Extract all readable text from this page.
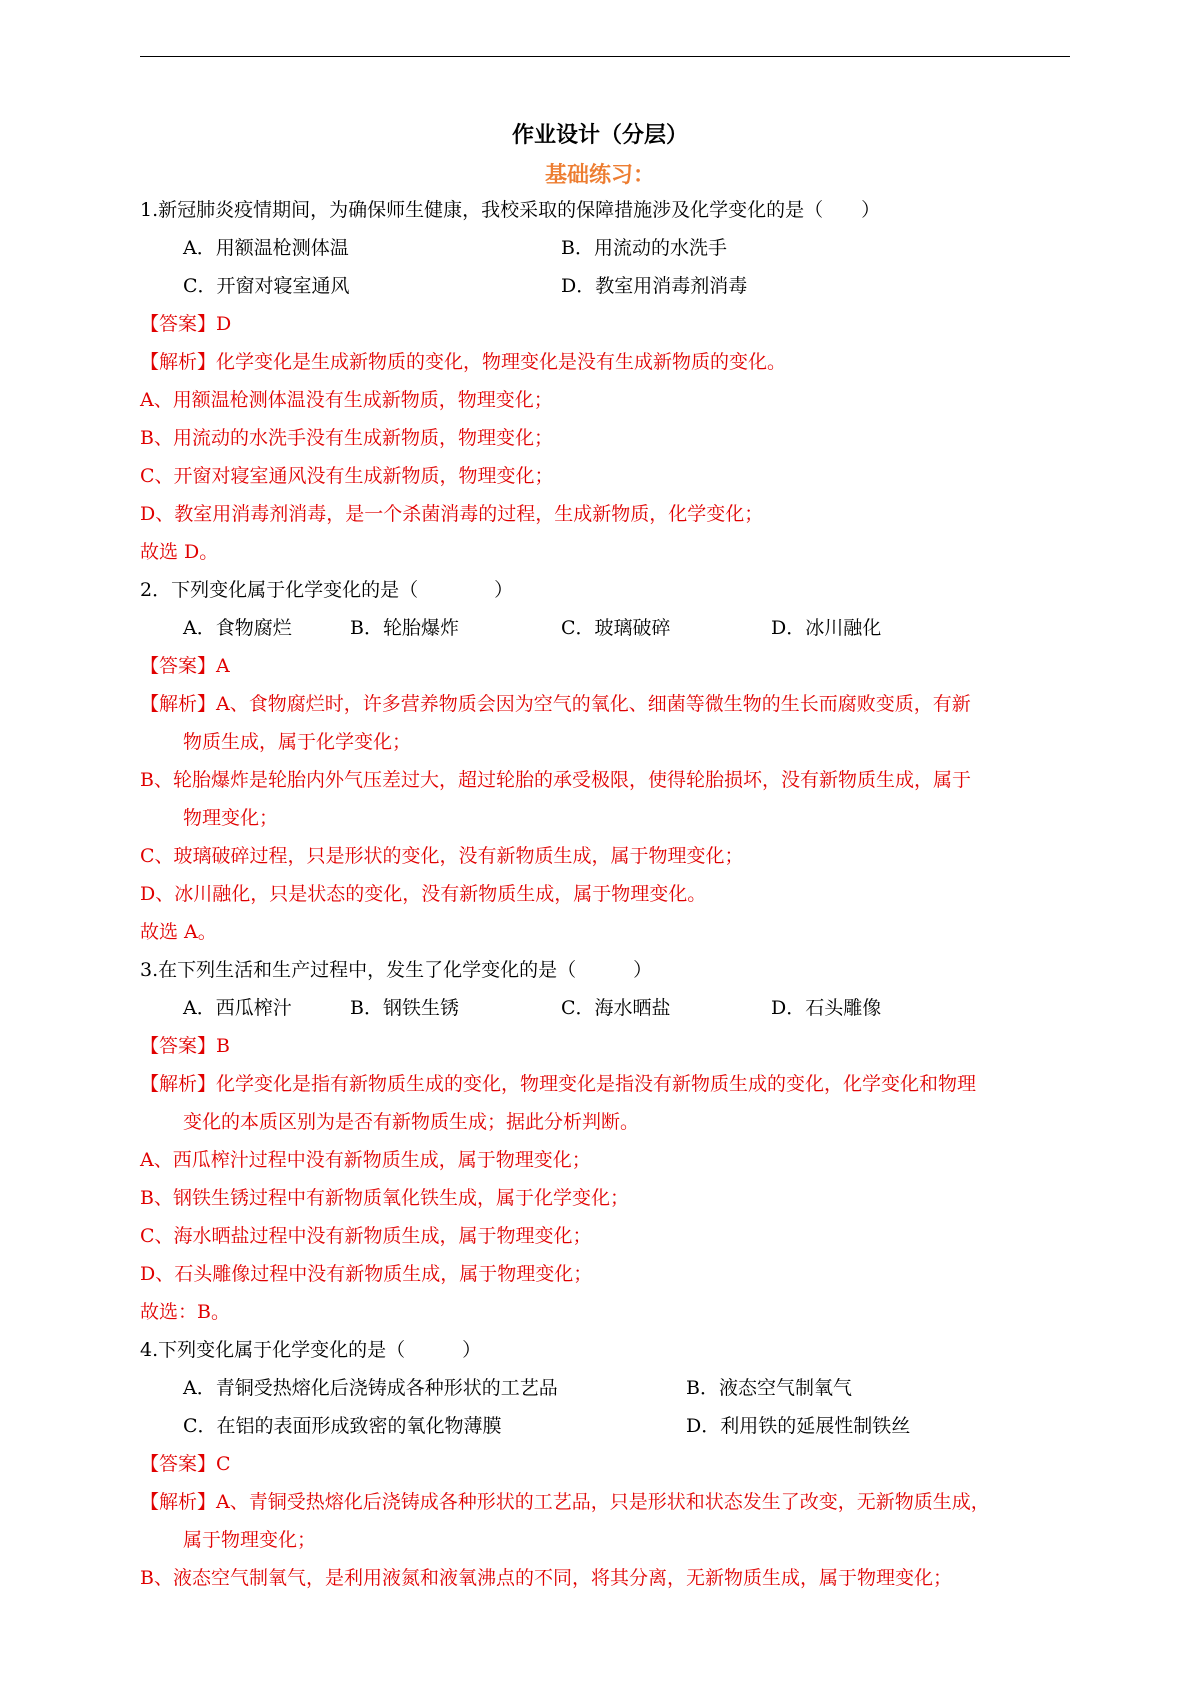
作业设计（分层）
基础练习：
1.新冠肺炎疫情期间，为确保师生健康，我校采取的保障措施涉及化学变化的是（　　）
A．用额温枪测体温	B．用流动的水洗手
C．开窗对寝室通风	D．教室用消毒剂消毒
【答案】D
【解析】化学变化是生成新物质的变化，物理变化是没有生成新物质的变化。
A、用额温枪测体温没有生成新物质，物理变化；
B、用流动的水洗手没有生成新物质，物理变化；
C、开窗对寝室通风没有生成新物质，物理变化；
D、教室用消毒剂消毒，是一个杀菌消毒的过程，生成新物质，化学变化；
故选 D。
2．下列变化属于化学变化的是（　　　　）
A．食物腐烂	B．轮胎爆炸	C．玻璃破碎	D．冰川融化
【答案】A
【解析】A、食物腐烂时，许多营养物质会因为空气的氧化、细菌等微生物的生长而腐败变质，有新
物质生成，属于化学变化；
B、轮胎爆炸是轮胎内外气压差过大，超过轮胎的承受极限，使得轮胎损坏，没有新物质生成，属于
物理变化；
C、玻璃破碎过程，只是形状的变化，没有新物质生成，属于物理变化；
D、冰川融化，只是状态的变化，没有新物质生成，属于物理变化。
故选 A。
3.在下列生活和生产过程中，发生了化学变化的是（　　　）
A．西瓜榨汁	B．钢铁生锈	C．海水晒盐	D．石头雕像
【答案】B
【解析】化学变化是指有新物质生成的变化，物理变化是指没有新物质生成的变化，化学变化和物理
变化的本质区别为是否有新物质生成；据此分析判断。
A、西瓜榨汁过程中没有新物质生成，属于物理变化；
B、钢铁生锈过程中有新物质氧化铁生成，属于化学变化；
C、海水晒盐过程中没有新物质生成，属于物理变化；
D、石头雕像过程中没有新物质生成，属于物理变化；
故选：B。
4.下列变化属于化学变化的是（　　　）
A．青铜受热熔化后浇铸成各种形状的工艺品	B．液态空气制氧气
C．在铝的表面形成致密的氧化物薄膜	D．利用铁的延展性制铁丝
【答案】C
【解析】A、青铜受热熔化后浇铸成各种形状的工艺品，只是形状和状态发生了改变，无新物质生成，
属于物理变化；
B、液态空气制氧气，是利用液氮和液氧沸点的不同，将其分离，无新物质生成，属于物理变化；
